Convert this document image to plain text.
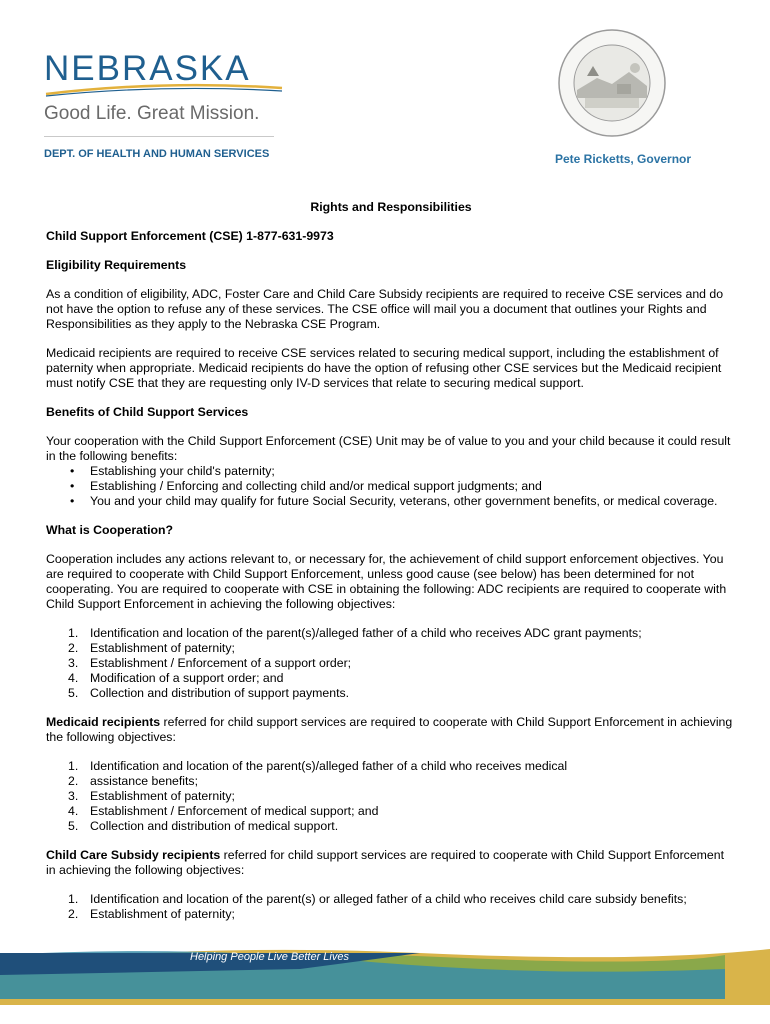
NEBRASKA
Good Life. Great Mission.
DEPT. OF HEALTH AND HUMAN SERVICES	Pete Ricketts, Governor
Rights and Responsibilities
Child Support Enforcement (CSE) 1-877-631-9973
Eligibility Requirements

As a condition of eligibility, ADC, Foster Care and Child Care Subsidy recipients are required to receive CSE services and do not have the option to refuse any of these services. The CSE office will mail you a document that outlines your Rights and Responsibilities as they apply to the Nebraska CSE Program.

Medicaid recipients are required to receive CSE services related to securing medical support, including the establishment of paternity when appropriate. Medicaid recipients do have the option of refusing other CSE services but the Medicaid recipient must notify CSE that they are requesting only IV-D services that relate to securing medical support.

Benefits of Child Support Services

Your cooperation with the Child Support Enforcement (CSE) Unit may be of value to you and your child because it could result in the following benefits:

• Establishing your child's paternity;
• Establishing / Enforcing and collecting child and/or medical support judgments; and
• You and your child may qualify for future Social Security, veterans, other government benefits, or medical coverage.
What is Cooperation?

Cooperation includes any actions relevant to, or necessary for, the achievement of child support enforcement objectives. You are required to cooperate with Child Support Enforcement, unless good cause (see below) has been determined for not cooperating. You are required to cooperate with CSE in obtaining the following: ADC recipients are required to cooperate with Child Support Enforcement in achieving the following objectives:

1. Identification and location of the parent(s)/alleged father of a child who receives ADC grant payments;
2. Establishment of paternity;
3. Establishment / Enforcement of a support order;
4. Modification of a support order; and
5. Collection and distribution of support payments.

Medicaid recipients referred for child support services are required to cooperate with Child Support Enforcement in achieving the following objectives:

1. Identification and location of the parent(s)/alleged father of a child who receives medical
2. assistance benefits;
3. Establishment of paternity;
4. Establishment / Enforcement of medical support; and
5. Collection and distribution of medical support.

Child Care Subsidy recipients referred for child support services are required to cooperate with Child Support Enforcement in achieving the following objectives:

1. Identification and location of the parent(s) or alleged father of a child who receives child care subsidy benefits;
2. Establishment of paternity;
Helping People Live Better Lives
